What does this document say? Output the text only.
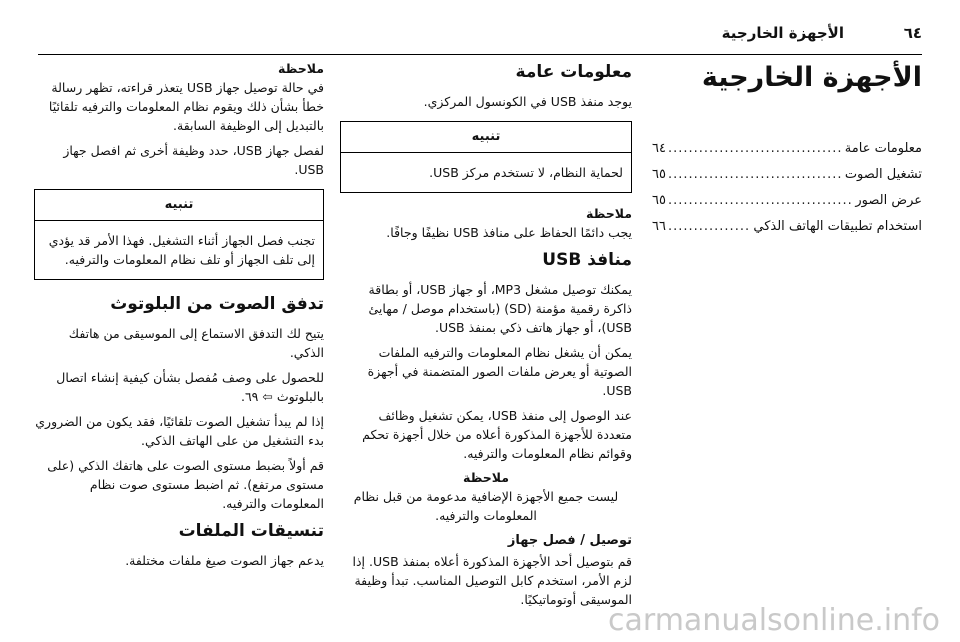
٦٤
الأجهزة الخارجية
الأجهزة الخارجية
معلومات عامة
.....
٦٤
تشغيل الصوت
.....
٦٥
عرض الصور
.....
٦٥
استخدام تطبيقات الهاتف الذكي
.....
٦٦
معلومات عامة

يوجد منفذ USB في الكونسول المركزي.

تنبيه
لحماية النظام، لا تستخدم مركز USB.
ملاحظة

يجب دائمًا الحفاظ على منافذ USB نظيفًا وجافًا.

منافذ USB

يمكنك توصيل مشغل MP3، أو جهاز USB، أو بطاقة ذاكرة رقمية مؤمنة (SD) (باستخدام موصل / مهايئ USB)، أو جهاز هاتف ذكي بمنفذ USB.

يمكن أن يشغل نظام المعلومات والترفيه الملفات الصوتية أو يعرض ملفات الصور المتضمنة في أجهزة USB.

عند الوصول إلى منفذ USB، يمكن تشغيل وظائف متعددة للأجهزة المذكورة أعلاه من خلال أجهزة تحكم وقوائم نظام المعلومات والترفيه.

ملاحظة

ليست جميع الأجهزة الإضافية مدعومة من قبل نظام المعلومات والترفيه.

توصيل / فصل جهاز

قم بتوصيل أحد الأجهزة المذكورة أعلاه بمنفذ USB. إذا لزم الأمر، استخدم كابل التوصيل المناسب. تبدأ وظيفة الموسيقى أوتوماتيكيًا.

ملاحظة

في حالة توصيل جهاز USB يتعذر قراءته، تظهر رسالة خطأ بشأن ذلك ويقوم نظام المعلومات والترفيه تلقائيًا بالتبديل إلى الوظيفة السابقة.

لفصل جهاز USB، حدد وظيفة أخرى ثم افصل جهاز USB.

تنبيه
تجنب فصل الجهاز أثناء التشغيل. فهذا الأمر قد يؤدي إلى تلف الجهاز أو تلف نظام المعلومات والترفيه.
تدفق الصوت من البلوتوث

يتيح لك التدفق الاستماع إلى الموسيقى من هاتفك الذكي.

للحصول على وصف مُفصل بشأن كيفية إنشاء اتصال بالبلوتوث ⇦ ٦٩.

إذا لم يبدأ تشغيل الصوت تلقائيًا، فقد يكون من الضروري بدء التشغيل من على الهاتف الذكي.

قم أولاً بضبط مستوى الصوت على هاتفك الذكي (على مستوى مرتفع). ثم اضبط مستوى صوت نظام المعلومات والترفيه.

تنسيقات الملفات

يدعم جهاز الصوت صيغ ملفات مختلفة.

carmanualsonline.info
